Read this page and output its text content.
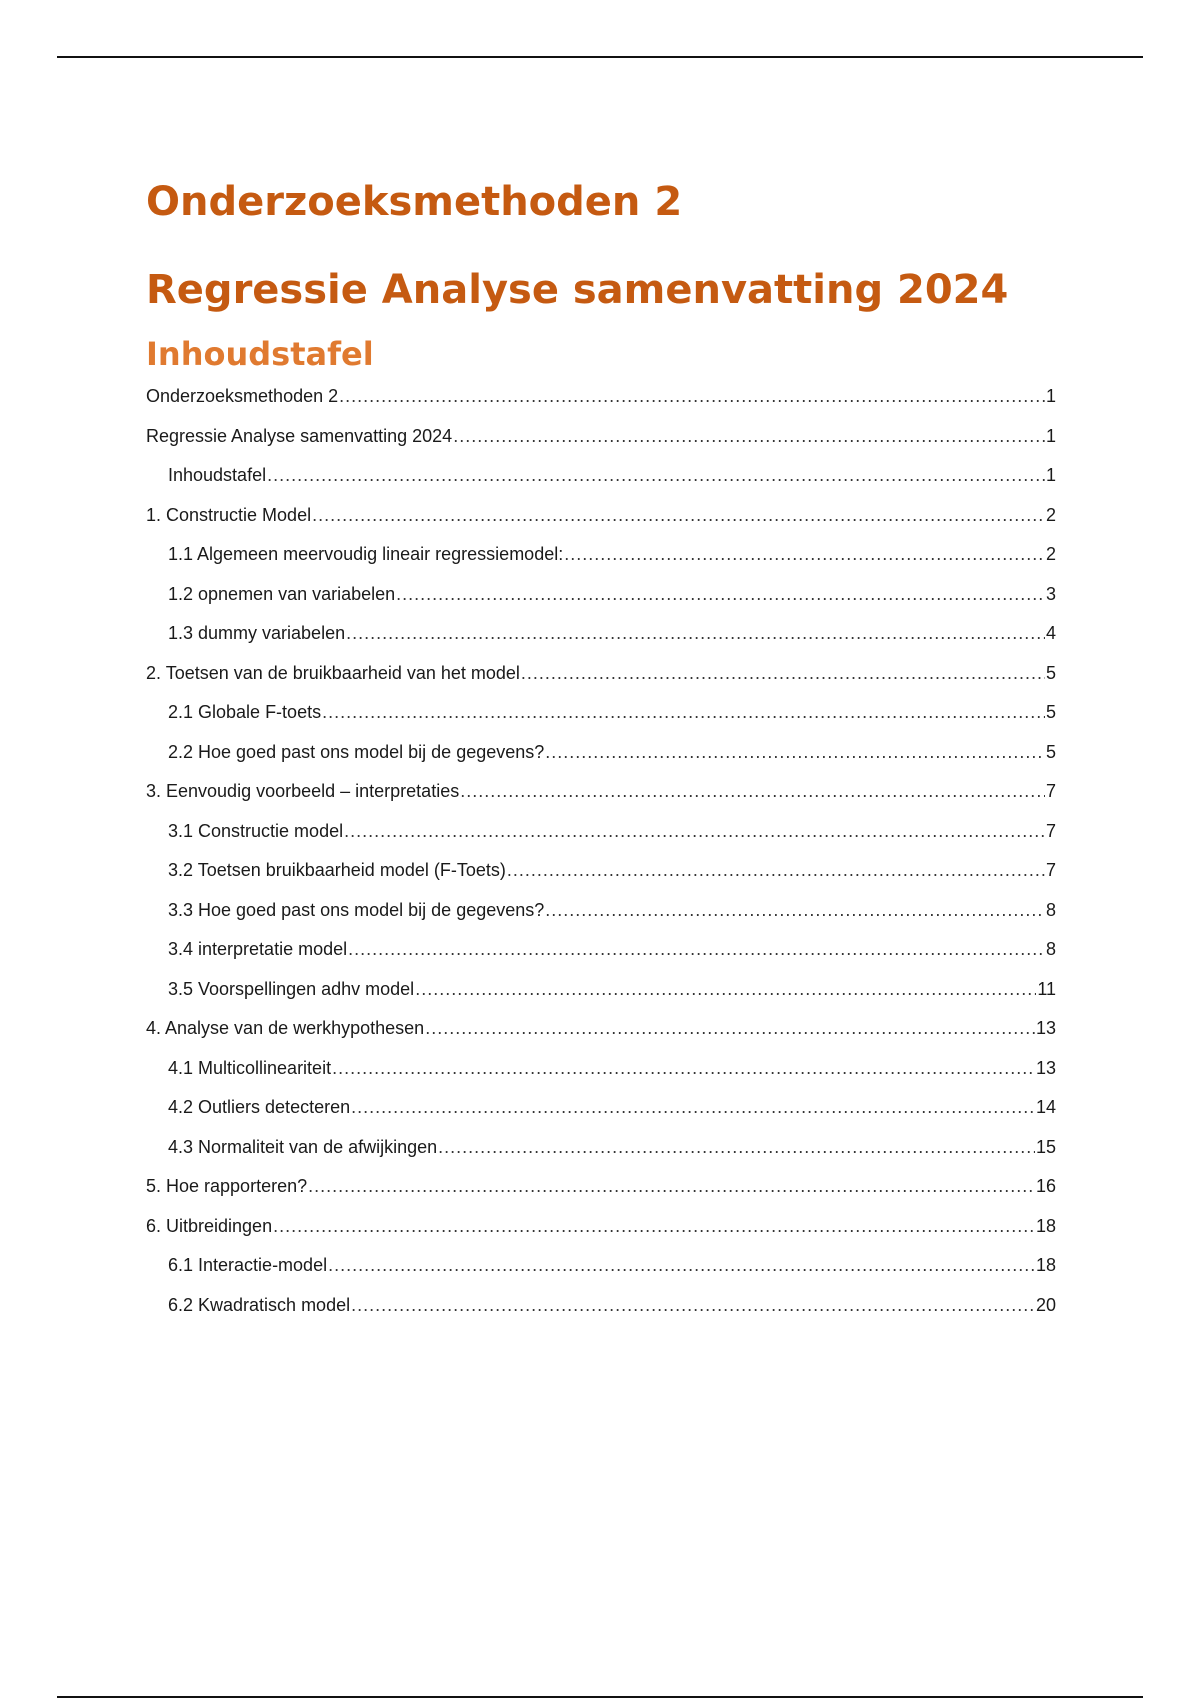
Onderzoeksmethoden 2
Regressie Analyse samenvatting 2024
Inhoudstafel
Onderzoeksmethoden 2 .....	1
Regressie Analyse samenvatting 2024 .....	1
Inhoudstafel .....	1
1. Constructie Model .....	2
1.1 Algemeen meervoudig lineair regressiemodel: .....	2
1.2 opnemen van variabelen .....	3
1.3 dummy variabelen .....	4
2. Toetsen van de bruikbaarheid van het model .....	5
2.1 Globale F-toets .....	5
2.2 Hoe goed past ons model bij de gegevens? .....	5
3. Eenvoudig voorbeeld – interpretaties .....	7
3.1 Constructie model .....	7
3.2 Toetsen bruikbaarheid model (F-Toets) .....	7
3.3 Hoe goed past ons model bij de gegevens? .....	8
3.4 interpretatie model .....	8
3.5 Voorspellingen adhv model .....	11
4. Analyse van de werkhypothesen .....	13
4.1 Multicollineariteit .....	13
4.2 Outliers detecteren .....	14
4.3 Normaliteit van de afwijkingen .....	15
5. Hoe rapporteren? .....	16
6. Uitbreidingen .....	18
6.1 Interactie-model .....	18
6.2 Kwadratisch model .....	20
